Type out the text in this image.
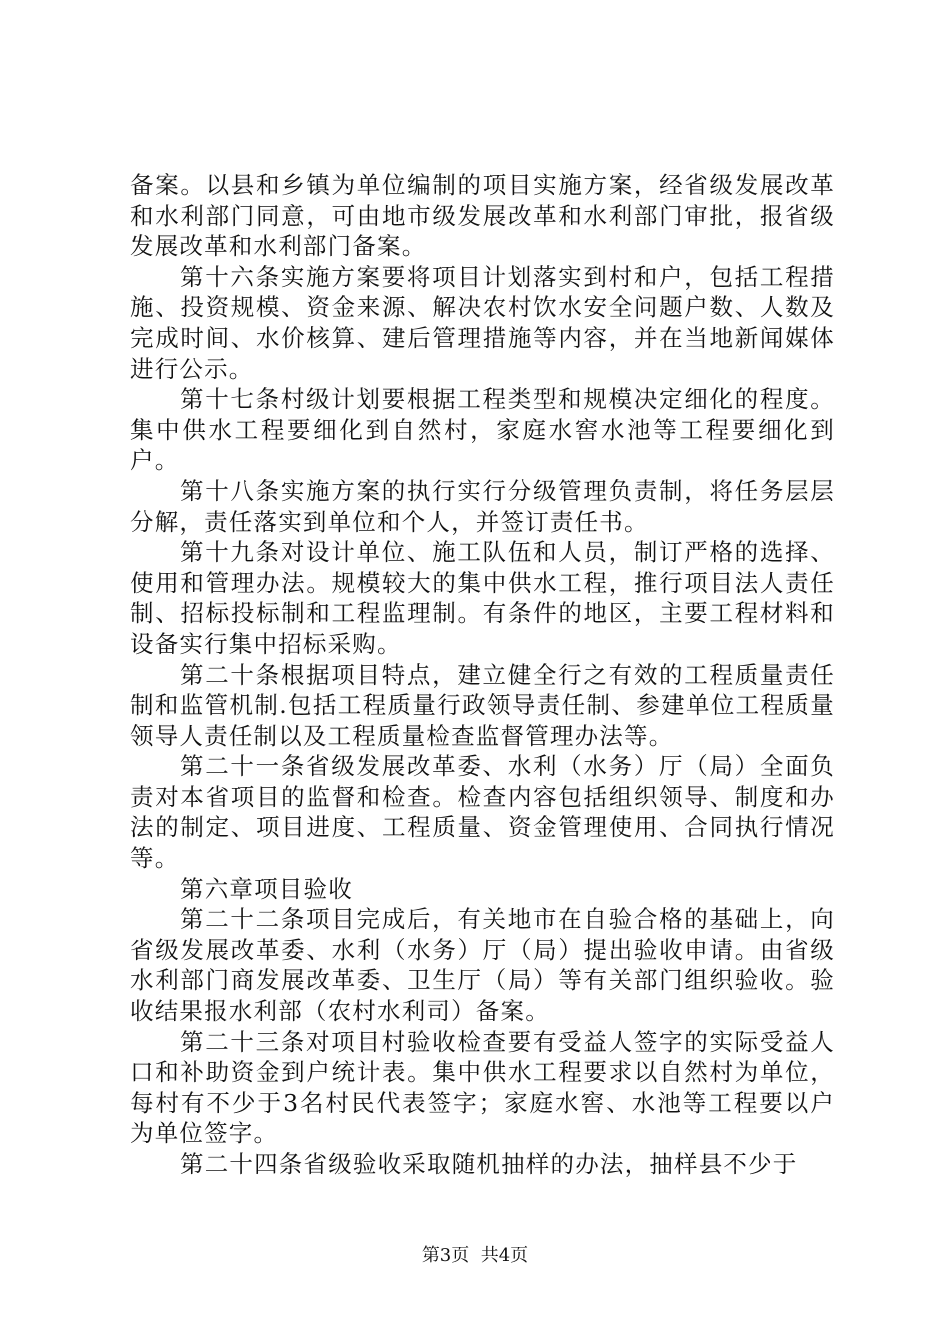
备案。以县和乡镇为单位编制的项目实施方案，经省级发展改革和水利部门同意，可由地市级发展改革和水利部门审批，报省级发展改革和水利部门备案。

第十六条实施方案要将项目计划落实到村和户，包括工程措施、投资规模、资金来源、解决农村饮水安全问题户数、人数及完成时间、水价核算、建后管理措施等内容，并在当地新闻媒体进行公示。

第十七条村级计划要根据工程类型和规模决定细化的程度。集中供水工程要细化到自然村，家庭水窖水池等工程要细化到户。

第十八条实施方案的执行实行分级管理负责制，将任务层层分解，责任落实到单位和个人，并签订责任书。

第十九条对设计单位、施工队伍和人员，制订严格的选择、使用和管理办法。规模较大的集中供水工程，推行项目法人责任制、招标投标制和工程监理制。有条件的地区，主要工程材料和设备实行集中招标采购。

第二十条根据项目特点，建立健全行之有效的工程质量责任制和监管机制.包括工程质量行政领导责任制、参建单位工程质量领导人责任制以及工程质量检查监督管理办法等。

第二十一条省级发展改革委、水利（水务）厅（局）全面负责对本省项目的监督和检查。检查内容包括组织领导、制度和办法的制定、项目进度、工程质量、资金管理使用、合同执行情况等。

第六章项目验收

第二十二条项目完成后，有关地市在自验合格的基础上，向省级发展改革委、水利（水务）厅（局）提出验收申请。由省级水利部门商发展改革委、卫生厅（局）等有关部门组织验收。验收结果报水利部（农村水利司）备案。

第二十三条对项目村验收检查要有受益人签字的实际受益人口和补助资金到户统计表。集中供水工程要求以自然村为单位，每村有不少于3名村民代表签字；家庭水窖、水池等工程要以户为单位签字。

第二十四条省级验收采取随机抽样的办法，抽样县不少于

第3页 共4页
